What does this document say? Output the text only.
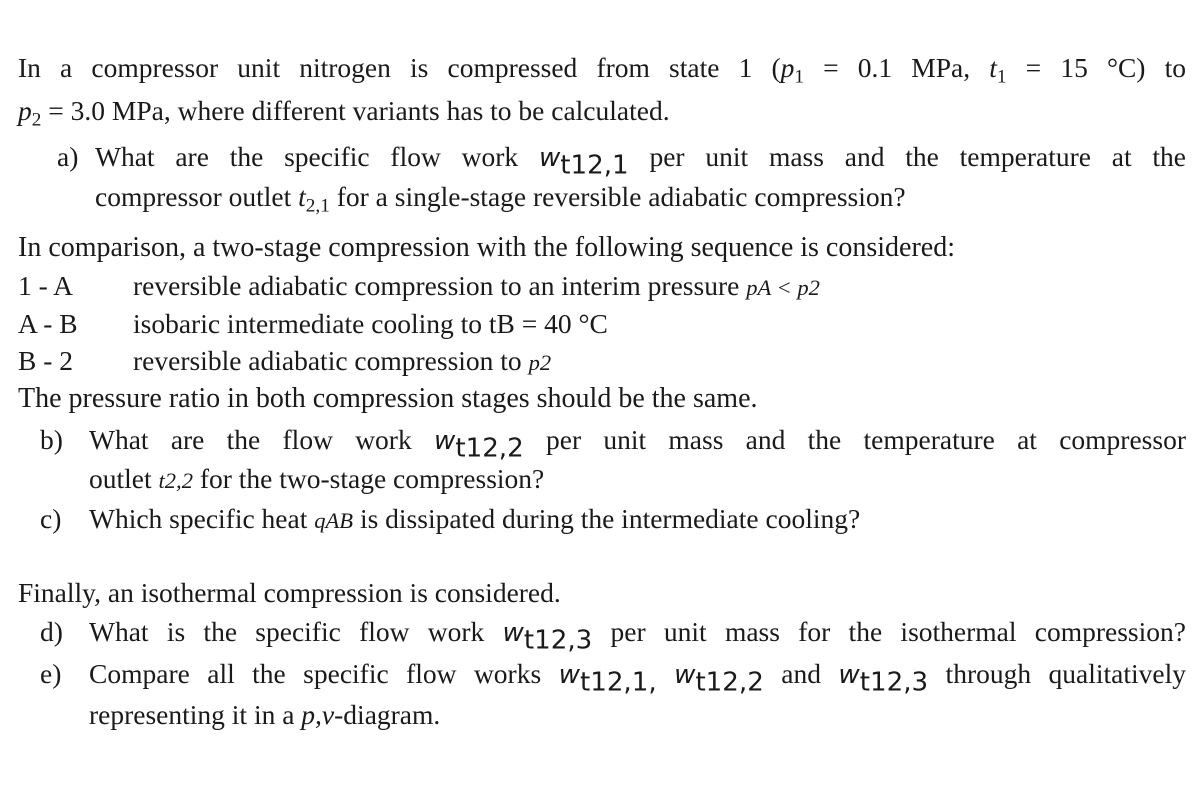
In a compressor unit nitrogen is compressed from state 1 ($p_1 = 0.1$ MPa, $t_1 = 15$ °C) to
$p_2 = 3.0$ MPa, where different variants has to be calculated.
a) What are the specific flow work wt12,1 per unit mass and the temperature at the
compressor outlet $t_{2,1}$ for a single-stage reversible adiabatic compression?
In comparison, a two-stage compression with the following sequence is considered:
1 - A reversible adiabatic compression to an interim pressure pA < p2
A - B isobaric intermediate cooling to tB = 40 °C
B - 2 reversible adiabatic compression to p2
The pressure ratio in both compression stages should be the same.
b) What are the flow work wt12,2 per unit mass and the temperature at compressor
outlet t2,2 for the two-stage compression?
c) Which specific heat qAB is dissipated during the intermediate cooling?
Finally, an isothermal compression is considered.
d) What is the specific flow work wt12,3 per unit mass for the isothermal compression?
e) Compare all the specific flow works wt12,1, wt12,2 and wt12,3 through qualitatively
representing it in a p,v-diagram.
